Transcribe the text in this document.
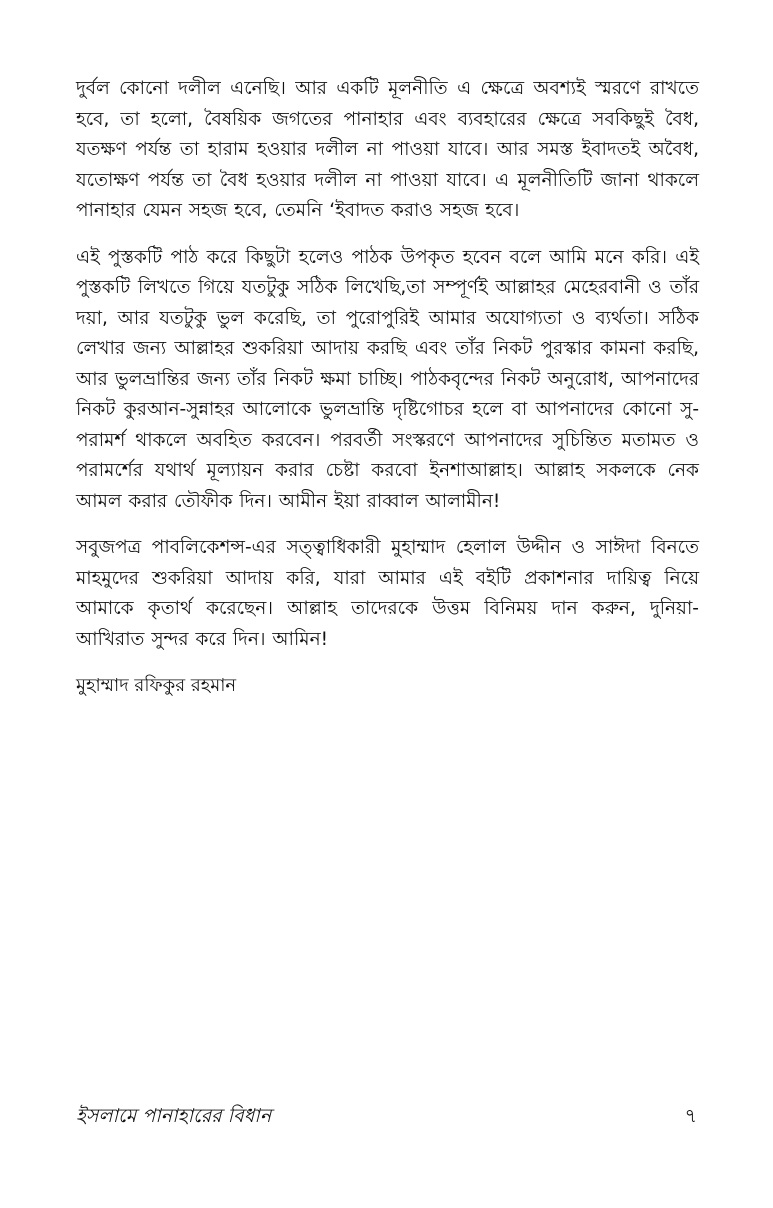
দুর্বল কোনো দলীল এনেছি। আর একটি মূলনীতি এ ক্ষেত্রে অবশ্যই স্মরণে রাখতে হবে, তা হলো, বৈষয়িক জগতের পানাহার এবং ব্যবহারের ক্ষেত্রে সবকিছুই বৈধ, যতক্ষণ পর্যন্ত তা হারাম হওয়ার দলীল না পাওয়া যাবে। আর সমস্ত ইবাদতই অবৈধ, যতোক্ষণ পর্যন্ত তা বৈধ হওয়ার দলীল না পাওয়া যাবে। এ মূলনীতিটি জানা থাকলে পানাহার যেমন সহজ হবে, তেমনি ‘ইবাদত করাও সহজ হবে।

এই পুস্তকটি পাঠ করে কিছুটা হলেও পাঠক উপকৃত হবেন বলে আমি মনে করি। এই পুস্তকটি লিখতে গিয়ে যতটুকু সঠিক লিখেছি,তা সম্পূর্ণই আল্লাহর মেহেরবানী ও তাঁর দয়া, আর যতটুকু ভুল করেছি, তা পুরোপুরিই আমার অযোগ্যতা ও ব্যর্থতা। সঠিক লেখার জন্য আল্লাহর শুকরিয়া আদায় করছি এবং তাঁর নিকট পুরস্কার কামনা করছি, আর ভুলভ্রান্তির জন্য তাঁর নিকট ক্ষমা চাচ্ছি। পাঠকবৃন্দের নিকট অনুরোধ, আপনাদের নিকট কুরআন-সুন্নাহর আলোকে ভুলভ্রান্তি দৃষ্টিগোচর হলে বা আপনাদের কোনো সু-পরামর্শ থাকলে অবহিত করবেন। পরবর্তী সংস্করণে আপনাদের সুচিন্তিত মতামত ও পরামর্শের যথার্থ মূল্যায়ন করার চেষ্টা করবো ইনশাআল্লাহ। আল্লাহ সকলকে নেক আমল করার তৌফীক দিন। আমীন ইয়া রাব্বাল আলামীন!

সবুজপত্র পাবলিকেশন্স-এর সত্ত্বাধিকারী মুহাম্মাদ হেলাল উদ্দীন ও সাঈদা বিনতে মাহমুদের শুকরিয়া আদায় করি, যারা আমার এই বইটি প্রকাশনার দায়িত্ব নিয়ে আমাকে কৃতার্থ করেছেন। আল্লাহ তাদেরকে উত্তম বিনিময় দান করুন, দুনিয়া-আখিরাত সুন্দর করে দিন। আমিন!

মুহাম্মাদ রফিকুর রহমান

ইসলামে পানাহারের বিধান	৭
